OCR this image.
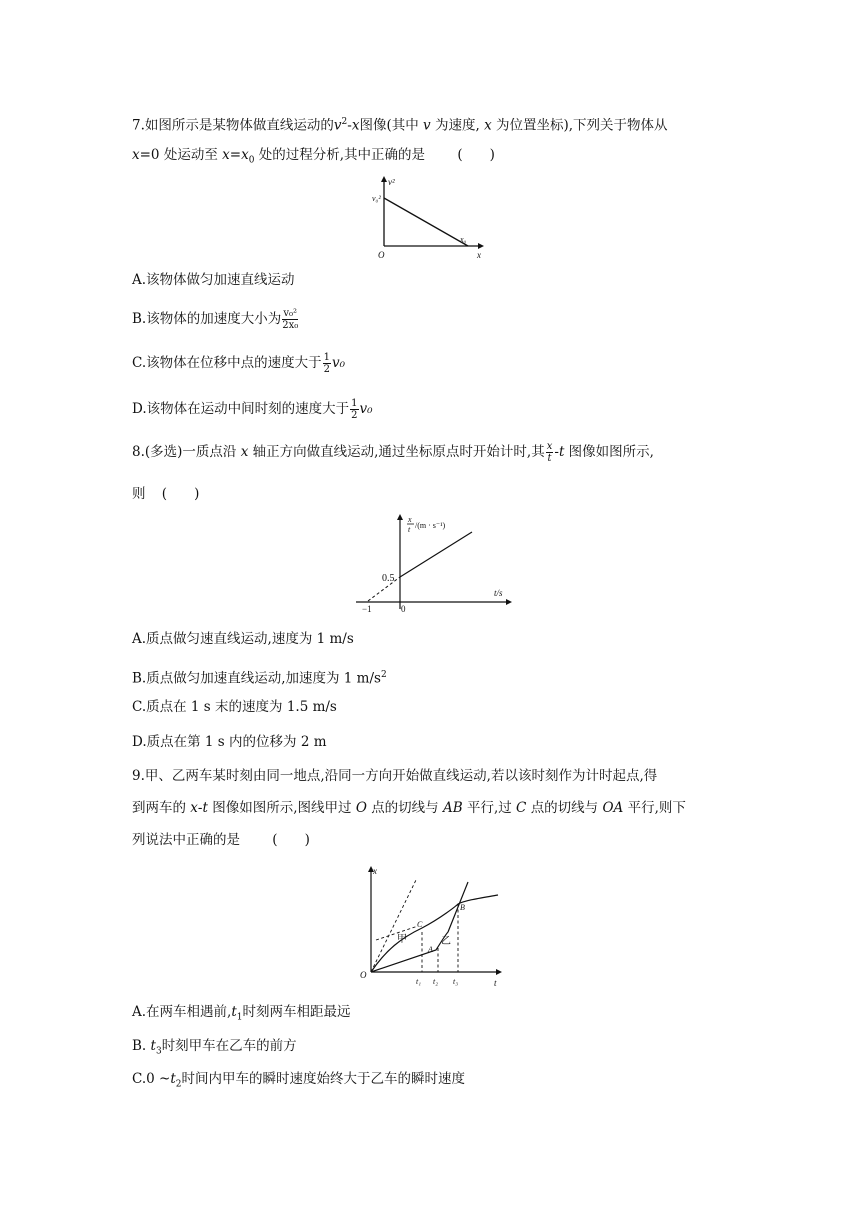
7.如图所示是某物体做直线运动的$v^2-x$图像(其中 v 为速度, x 为位置坐标),下列关于物体从
x=0 处运动至 $x=x_0$ 处的过程分析,其中正确的是 (　　)
v²
v₀²
O
x₀
x
A.该物体做匀加速直线运动
B.该物体的加速度大小为 $\frac{\text{v₀²}}{\text{2x₀}}$
C.该物体在位移中点的速度大于 $\frac{1}{2} v_0$
D.该物体在运动中间时刻的速度大于 $\frac{1}{2} v_0$
8.(多选)一质点沿 x 轴正方向做直线运动,通过坐标原点时开始计时,其 $\frac{x}{t} -t$ 图像如图所示,
则 (　　)
x
t /(m · s⁻¹)
0.5
−1	0
t/s
A.质点做匀速直线运动,速度为 1 m/s
B.质点做匀加速直线运动,加速度为 1 $m/s^2$
C.质点在 1 s 末的速度为 1.5 m/s
D.质点在第 1 s 内的位移为 2 m
9.甲、乙两车某时刻由同一地点,沿同一方向开始做直线运动,若以该时刻作为计时起点,得
到两车的 x-t 图像如图所示,图线甲过 O 点的切线与 AB 平行,过 C 点的切线与 OA 平行,则下
列说法中正确的是 (　　)
x
t
O
甲	乙
A
B
C
t₁ t₂ t₃
A.在两车相遇前$,t_1$时刻两车相距最远
B. $t_3$时刻甲车在乙车的前方
C.0 $\sim t_2$时间内甲车的瞬时速度始终大于乙车的瞬时速度
